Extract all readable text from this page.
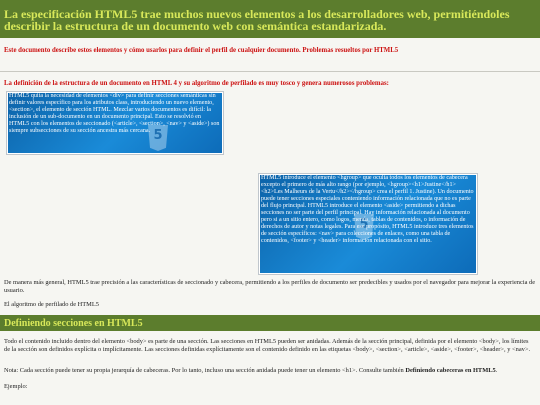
La especificación HTML5 trae muchos nuevos elementos a los desarrolladores web, permitiéndoles describir la estructura de un documento web con semántica estandarizada.
Este documento describe estos elementos y cómo usarlos para definir el perfil de cualquier documento. Problemas resueltos por HTML5
La definición de la estructura de un documento en HTML 4 y su algoritmo de perfilado es muy tosco y genera numerosos problemas:
5
HTML5 quita la necesidad de elementos <div> para definir secciones semánticas sin definir valores específico para los atributos class, introduciendo un nuevo elemento, <section>, el elemento de sección HTML. Mezclar varios documentos es difícil: la inclusión de un sub-documento en un documento principal. Esto se resolvió en HTML5 con los elementos de seccionado (<article>, <section>, <nav> y <aside>) son siempre subsecciones de su sección ancestra más cercana.
5
HTML5 introduce el elemento <hgroup> que oculta todos los elementos de cabecera excepto el primero de más alto rango (por ejemplo, <hgroup><h1>Justine</h1><h2>Les Malheurs de la Vertu</h2></hgroup> crea el perfil 1. Justine). Un documento puede tener secciones especiales conteniendo información relacionada que no es parte del flujo principal. HTML5 introduce el elemento <aside> permitiendo a dichas secciones no ser parte del perfil principal. Hay información relacionada al documento pero si a un sitio entero, como logos, menús, tablas de contenidos, o información de derechos de autor y notas legales. Para ese propósito, HTML5 introduce tres elementos de sección específicos: <nav> para colecciones de enlaces, como una tabla de contenidos, <footer> y <header> información relacionada con el sitio.
De manera más general, HTML5 trae precisión a las características de seccionado y cabecera, permitiendo a los perfiles de documento ser predecibles y usados por el navegador para mejorar la experiencia de usuario.
El algoritmo de perfilado de HTML5
Definiendo secciones en HTML5
Todo el contenido incluido dentro del elemento <body> es parte de una sección. Las secciones en HTML5 pueden ser anidadas. Además de la sección principal, definida por el elemento <body>, los límites de la sección son definidos explícita o implícitamente. Las secciones definidas explícitamente son el contenido definido en las etiquetas <body>, <section>, <article>, <aside>, <footer>, <header>, y <nav>.
Nota: Cada sección puede tener su propia jerarquía de cabeceras. Por lo tanto, incluso una sección anidada puede tener un elemento <h1>. Consulte también Definiendo cabeceras en HTML5.
Ejemplo:
